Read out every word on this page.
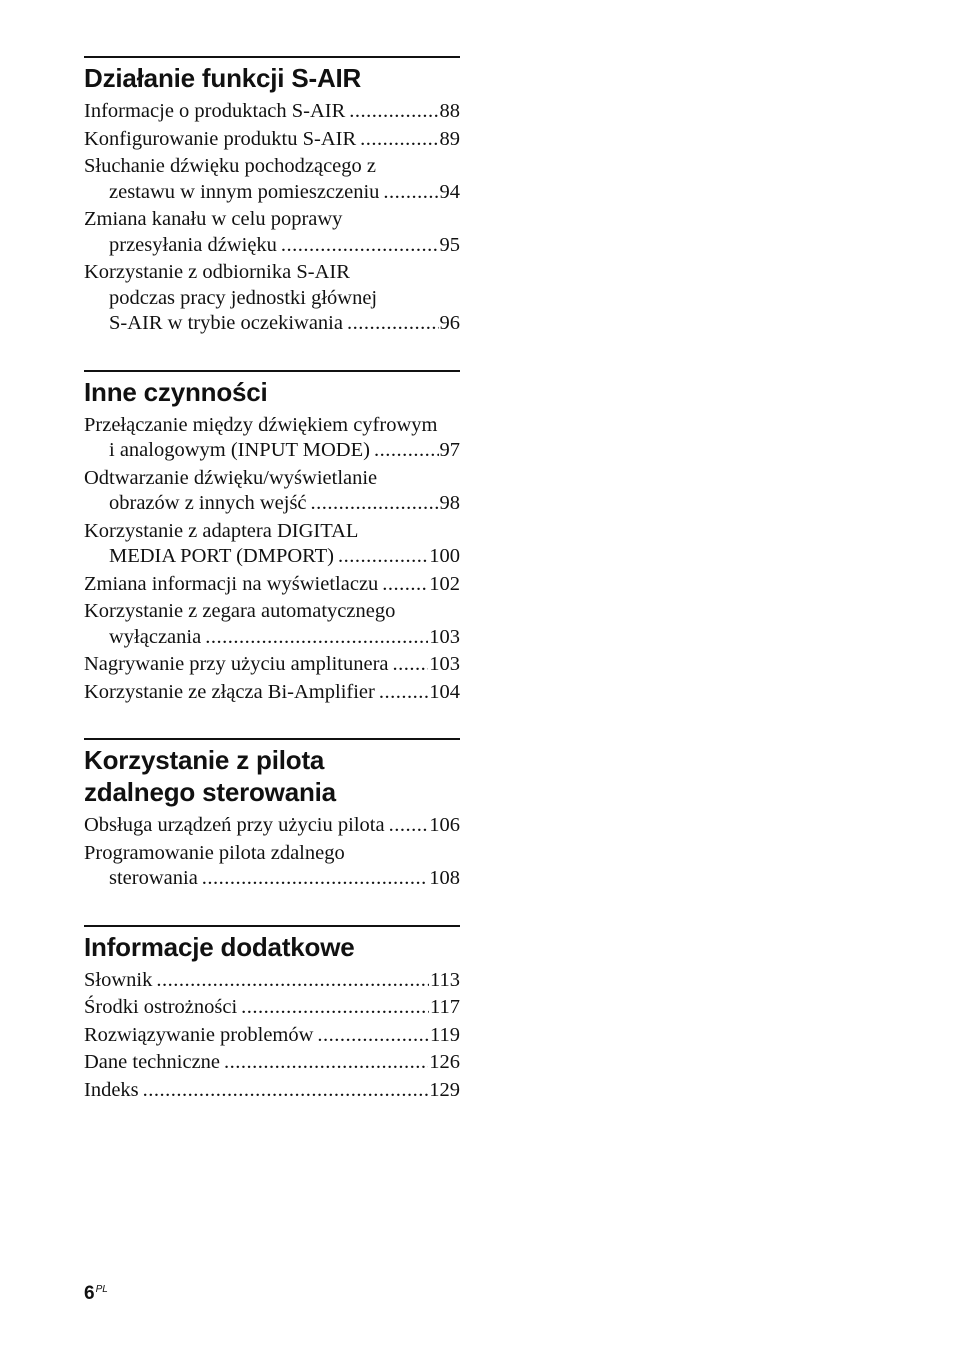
Działanie funkcji S-AIR
Informacje o produktach S-AIR .....	88
Konfigurowanie produktu S-AIR .....	89
Słuchanie dźwięku pochodzącego z
zestawu w innym pomieszczeniu .....	94
Zmiana kanału w celu poprawy
przesyłania dźwięku .....	95
Korzystanie z odbiornika S-AIR
podczas pracy jednostki głównej
S-AIR w trybie oczekiwania .....	96
Inne czynności
Przełączanie między dźwiękiem cyfrowym
i analogowym (INPUT MODE) .....	97
Odtwarzanie dźwięku/wyświetlanie
obrazów z innych wejść .....	98
Korzystanie z adaptera DIGITAL
MEDIA PORT (DMPORT) .....	100
Zmiana informacji na wyświetlaczu ..... 102
Korzystanie z zegara automatycznego
wyłączania .....	103
Nagrywanie przy użyciu amplitunera ..... 103
Korzystanie ze złącza Bi-Amplifier .....	104
Korzystanie z pilota
zdalnego sterowania
Obsługa urządzeń przy użyciu pilota ..... 106
Programowanie pilota zdalnego
sterowania .....	108
Informacje dodatkowe
Słownik .....	113
Środki ostrożności .....	117
Rozwiązywanie problemów .....	119
Dane techniczne .....	126
Indeks .....	129
$6^{PL}$
